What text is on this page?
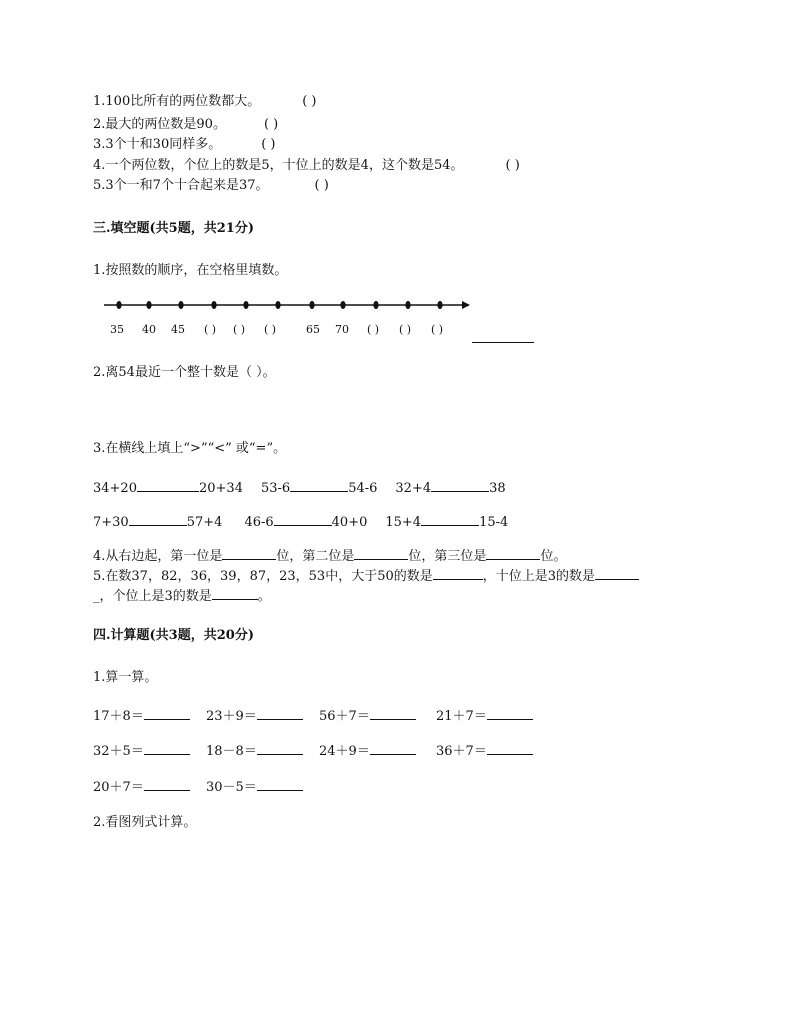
1.100比所有的两位数都大。	( )
2.最大的两位数是90。	( )
3.3个十和30同样多。	( )
4.一个两位数，个位上的数是5，十位上的数是4，这个数是54。	( )
5.3个一和7个十合起来是37。	( )
三.填空题(共5题，共21分)
1.按照数的顺序，在空格里填数。
35 40 45 ( ) ( ) ( )	65 70 ( ) ( ) ( )
2.离54最近一个整十数是（ ）。
3.在横线上填上“>”“<” 或“=”。
34+20	20+34 53-6	54-6 32+4	38
7+30	57+4 46-6	40+0 15+4	15-4
4.从右边起，第一位是	位，第二位是	位，第三位是	位。
5.在数37，82，36，39，87，23，53中，大于50的数是	，十位上是3的数是
_，个位上是3的数是	。
四.计算题(共3题，共20分)
1.算一算。
17＋8＝	23＋9＝	56＋7＝	21＋7＝
32＋5＝	18－8＝	24＋9＝	36＋7＝
20＋7＝	30－5＝
2.看图列式计算。
